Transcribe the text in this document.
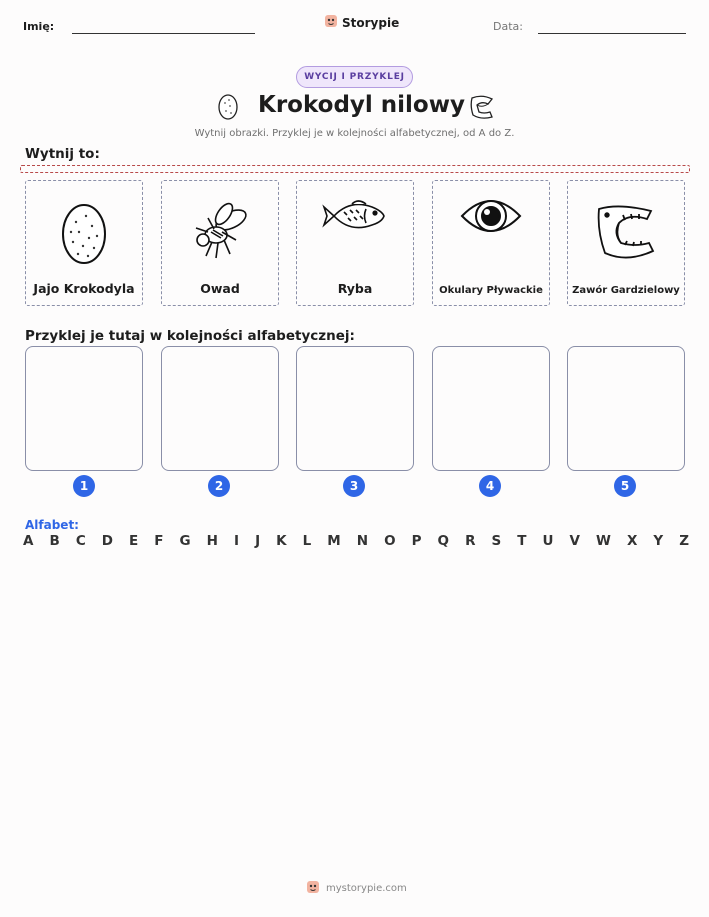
Imię:	Storypie	Data:
WYCIJ I PRZYKLEJ
Krokodyl nilowy
Wytnij obrazki. Przyklej je w kolejności alfabetycznej, od A do Z.
Wytnij to:
Jajo Krokodyla	Owad	Ryba	Okulary Pływackie	Zawór Gardzielowy
Przyklej je tutaj w kolejności alfabetycznej:
1	2	3	4	5
Alfabet:
A B C D E F G H I J K L M N O P Q R S T U V W X Y Z
mystorypie.com
